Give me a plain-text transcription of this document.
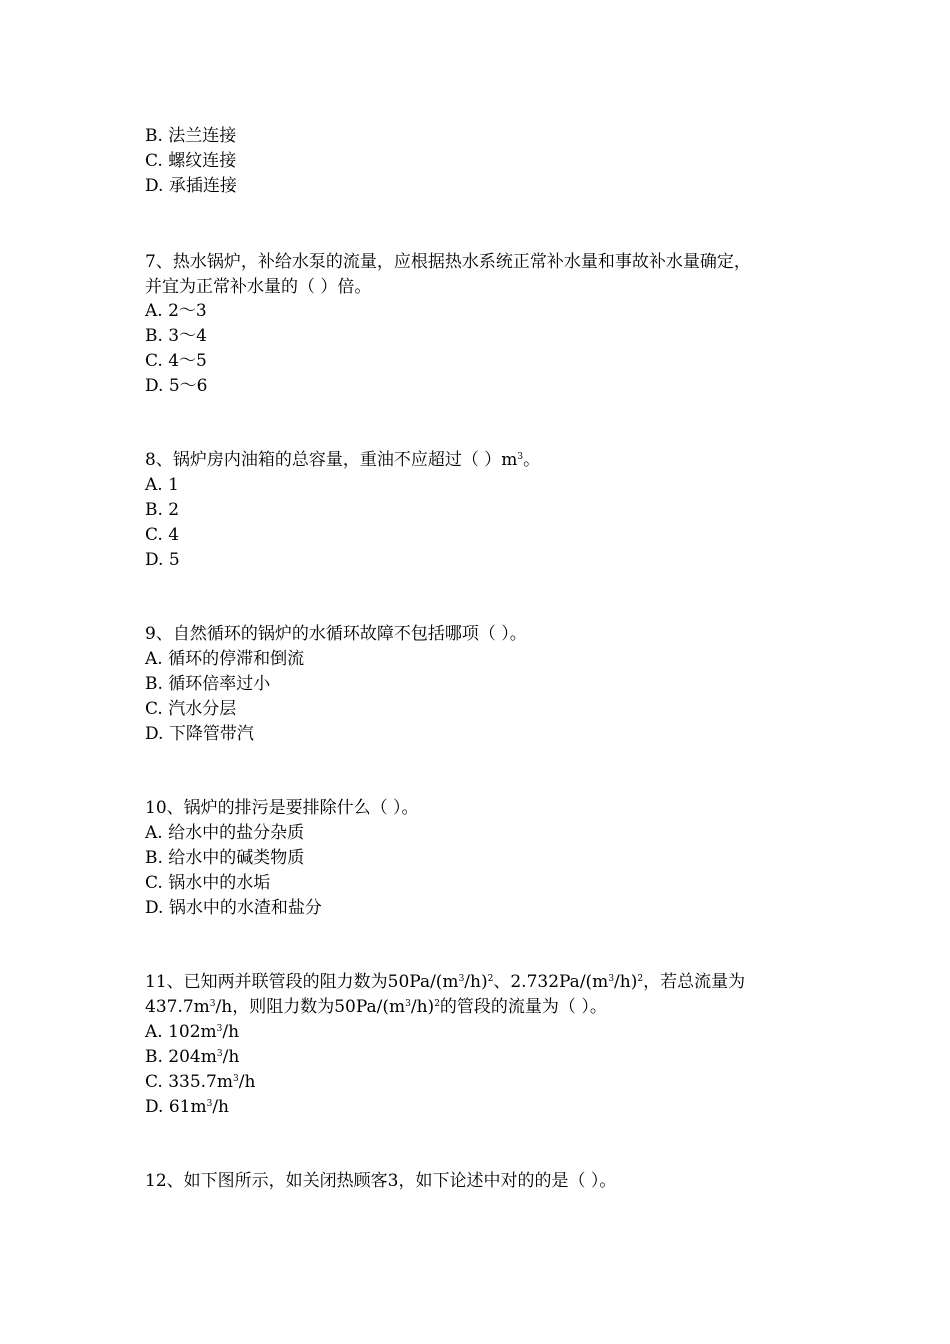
B. 法兰连接
C. 螺纹连接
D. 承插连接
7、热水锅炉，补给水泵的流量，应根据热水系统正常补水量和事故补水量确定，
并宜为正常补水量的（ ）倍。
A. 2～3
B. 3～4
C. 4～5
D. 5～6
8、锅炉房内油箱的总容量，重油不应超过（ ）$m^3$。
A. 1
B. 2
C. 4
D. 5
9、自然循环的锅炉的水循环故障不包括哪项（ ）。
A. 循环的停滞和倒流
B. 循环倍率过小
C. 汽水分层
D. 下降管带汽
10、锅炉的排污是要排除什么（ ）。
A. 给水中的盐分杂质
B. 给水中的碱类物质
C. 锅水中的水垢
D. 锅水中的水渣和盐分
11、已知两并联管段的阻力数为$50Pa/(m^3/h)^2$、$2.732Pa/(m^3/h)^2$，若总流量为
$437.7m^3/h$，则阻力数为$50Pa/(m^3/h)^2$的管段的流量为（ ）。
A. $102m^3/h$
B. $204m^3/h$
C. $335.7m^3/h$
D. $61m^3/h$
12、如下图所示，如关闭热顾客3，如下论述中对的的是（ ）。
